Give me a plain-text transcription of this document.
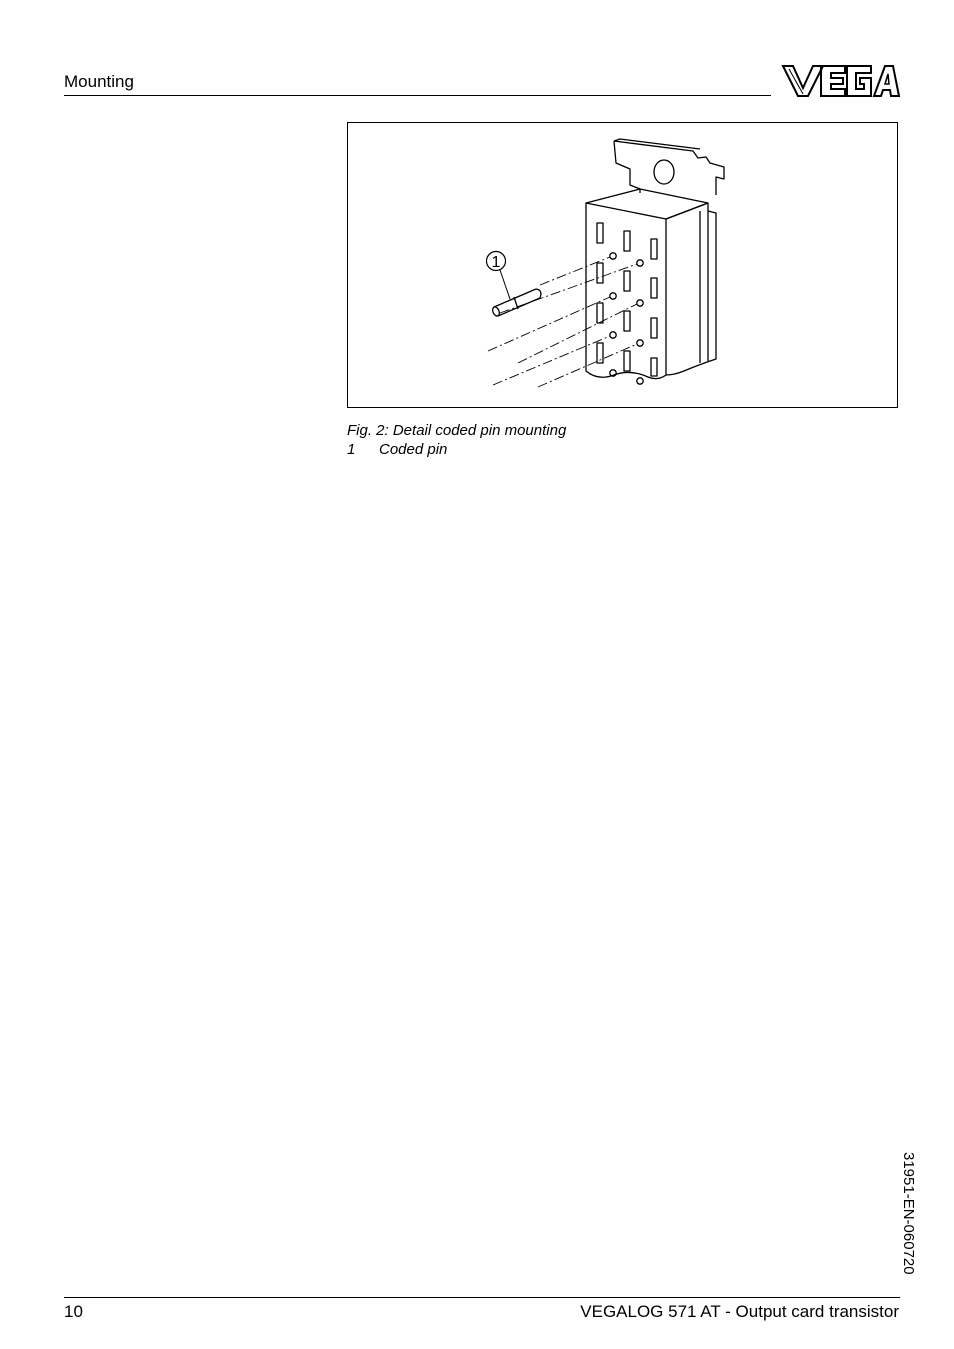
Mounting
1
Fig. 2: Detail coded pin mounting
1 Coded pin
31951-EN-060720
10	VEGALOG 571 AT - Output card transistor
